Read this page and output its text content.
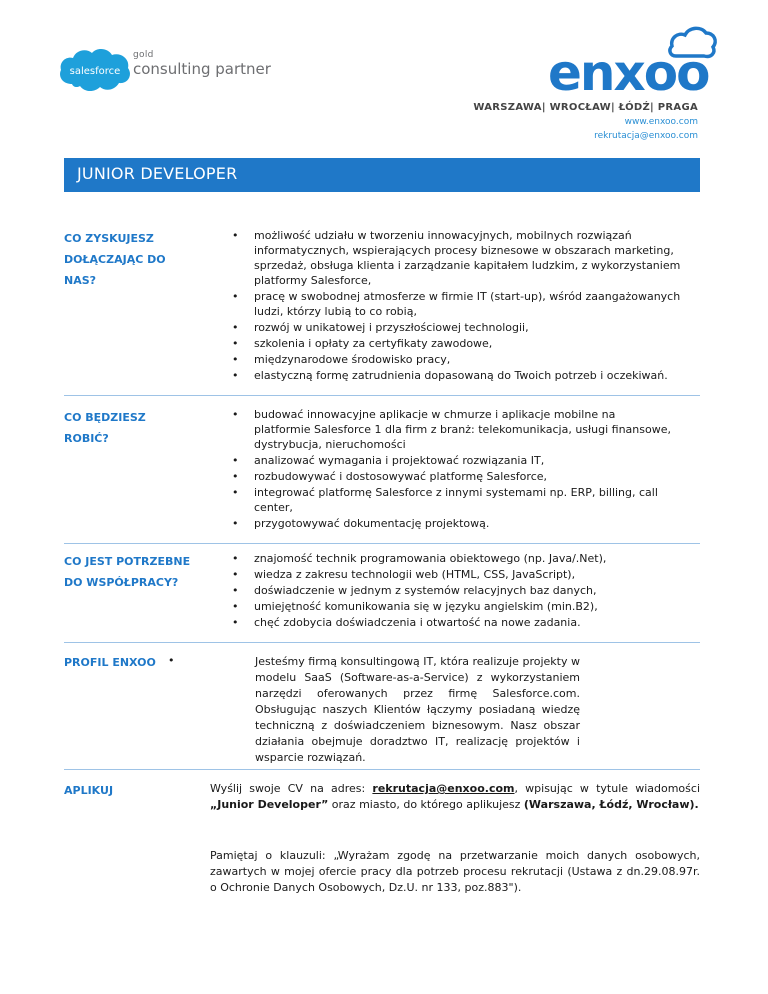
salesforce
gold
consulting partner	enxoo
WARSZAWA| WROCŁAW| ŁÓDŹ| PRAGA
www.enxoo.com
rekrutacja@enxoo.com
JUNIOR DEVELOPER
CO ZYSKUJESZ DOŁĄCZAJĄC DO NAS?
• możliwość udziału w tworzeniu innowacyjnych, mobilnych rozwiązań informatycznych, wspierających procesy biznesowe w obszarach marketing, sprzedaż, obsługa klienta i zarządzanie kapitałem ludzkim, z wykorzystaniem platformy Salesforce,
• pracę w swobodnej atmosferze w firmie IT (start-up), wśród zaangażowanych ludzi, którzy lubią to co robią,
• rozwój w unikatowej i przyszłościowej technologii,
• szkolenia i opłaty za certyfikaty zawodowe,
• międzynarodowe środowisko pracy,
• elastyczną formę zatrudnienia dopasowaną do Twoich potrzeb i oczekiwań.
CO BĘDZIESZ ROBIĆ?
• budować innowacyjne aplikacje w chmurze i aplikacje mobilne na platformie Salesforce 1 dla firm z branż: telekomunikacja, usługi finansowe, dystrybucja, nieruchomości
• analizować wymagania i projektować rozwiązania IT,
• rozbudowywać i dostosowywać platformę Salesforce,
• integrować platformę Salesforce z innymi systemami np. ERP, billing, call center,
• przygotowywać dokumentację projektową.
CO JEST POTRZEBNE DO WSPÓŁPRACY?
• znajomość technik programowania obiektowego (np. Java/.Net),
• wiedza z zakresu technologii web (HTML, CSS, JavaScript),
• doświadczenie w jednym z systemów relacyjnych baz danych,
• umiejętność komunikowania się w języku angielskim (min.B2),
• chęć zdobycia doświadczenia i otwartość na nowe zadania.
PROFIL ENXOO	•	Jesteśmy firmą konsultingową IT, która realizuje projekty w modelu SaaS (Software-as-a-Service) z wykorzystaniem narzędzi oferowanych przez firmę Salesforce.com. Obsługując naszych Klientów łączymy posiadaną wiedzę techniczną z doświadczeniem biznesowym. Nasz obszar działania obejmuje doradztwo IT, realizację projektów i wsparcie rozwiązań.
APLIKUJ	Wyślij swoje CV na adres: rekrutacja@enxoo.com, wpisując w tytule wiadomości „Junior Developer” oraz miasto, do którego aplikujesz (Warszawa, Łódź, Wrocław).
Pamiętaj o klauzuli: „Wyrażam zgodę na przetwarzanie moich danych osobowych, zawartych w mojej ofercie pracy dla potrzeb procesu rekrutacji (Ustawa z dn.29.08.97r. o Ochronie Danych Osobowych, Dz.U. nr 133, poz.883").
